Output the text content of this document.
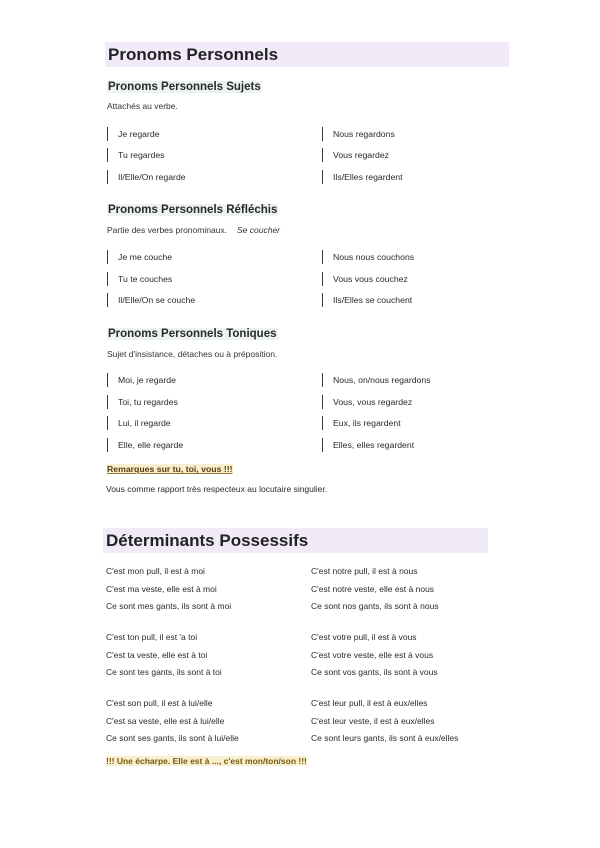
Pronoms Personnels
Pronoms Personnels Sujets
Attachés au verbe.
Je regarde	Nous regardons
Tu regardes	Vous regardez
Il/Elle/On regarde	Ils/Elles regardent
Pronoms Personnels Réfléchis
Partie des verbes pronominaux. Se coucher
Je me couche	Nous nous couchons
Tu te couches	Vous vous couchez
Il/Elle/On se couche	Ils/Elles se couchent
Pronoms Personnels Toniques
Sujet d'insistance, détaches ou à préposition.
Moi, je regarde	Nous, on/nous regardons
Toi, tu regardes	Vous, vous regardez
Lui, il regarde	Eux, ils regardent
Elle, elle regarde	Elles, elles regardent
Remarques sur tu, toi, vous !!!
Vous comme rapport très respecteux au locutaire singulier.
Déterminants Possessifs
C'est mon pull, il est à moi	C'est notre pull, il est à nous
C'est ma veste, elle est à moi	C'est notre veste, elle est à nous
Ce sont mes gants, ils sont à moi	Ce sont nos gants, ils sont à nous
C'est ton pull, il est 'a toi	C'est votre pull, il est à vous
C'est ta veste, elle est à toi	C'est votre veste, elle est à vous
Ce sont tes gants, ils sont à toi	Ce sont vos gants, ils sont à vous
C'est son pull, il est à lui/elle	C'est leur pull, il est à eux/elles
C'est sa veste, elle est à lui/elle	C'est leur veste, il est à eux/elles
Ce sont ses gants, ils sont à lui/elle	Ce sont leurs gants, ils sont à eux/elles
!!! Une écharpe. Elle est à ..., c'est mon/ton/son !!!
